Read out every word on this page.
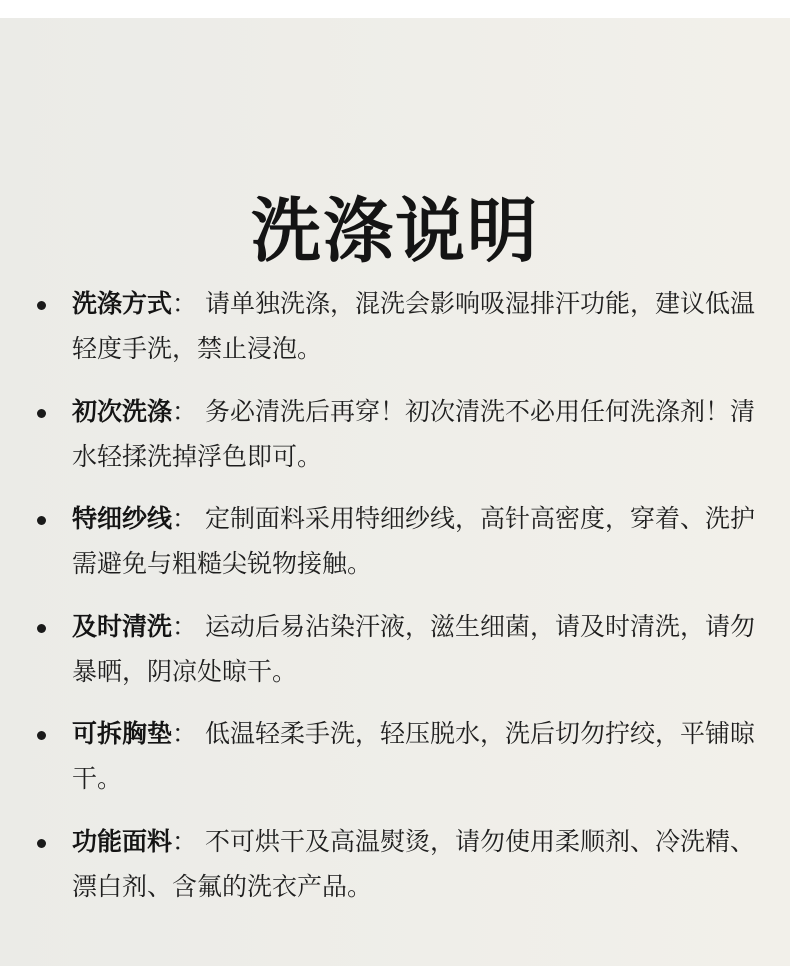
洗涤说明

洗涤方式： 请单独洗涤，混洗会影响吸湿排汗功能，建议低温轻度手洗，禁止浸泡。

初次洗涤： 务必清洗后再穿！初次清洗不必用任何洗涤剂！清水轻揉洗掉浮色即可。

特细纱线： 定制面料采用特细纱线，高针高密度，穿着、洗护需避免与粗糙尖锐物接触。

及时清洗： 运动后易沾染汗液，滋生细菌，请及时清洗，请勿暴晒，阴凉处晾干。

可拆胸垫： 低温轻柔手洗，轻压脱水，洗后切勿拧绞，平铺晾干。

功能面料： 不可烘干及高温熨烫，请勿使用柔顺剂、冷洗精、漂白剂、含氟的洗衣产品。
